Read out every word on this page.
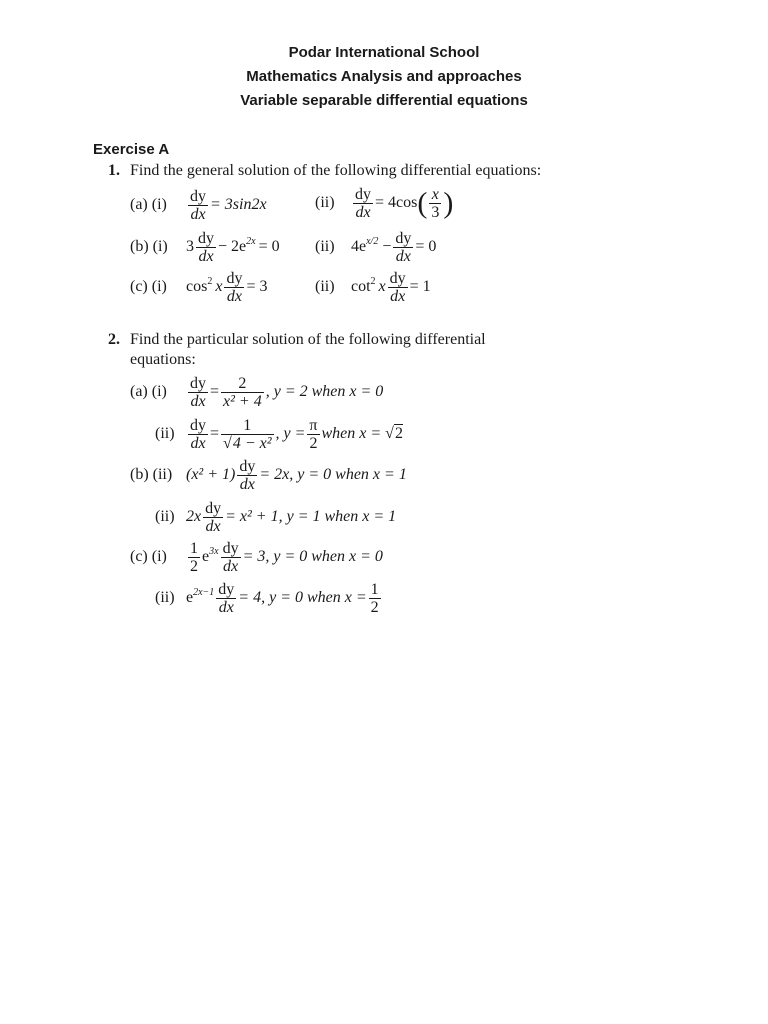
Podar International School
Mathematics Analysis and approaches
Variable separable differential equations
Exercise A
1. Find the general solution of the following differential equations:
(a) $(i) \frac{dy}{dx} = 3\sin 2x$	$(ii) \frac{dy}{dx} = 4\cos( \frac{x}{3}$ )
(b) (i) $3 \frac{dy}{dx} - 2e^{2x} = 0$ (ii) $4e^{x/2} - \frac{dy}{dx} = 0$
(c) (i) $\cos^2 x \frac{dy}{dx} = 3$	(ii) $\cot^2 x \frac{dy}{dx} = 1$
2. Find the particular solution of the following differential
equations:
(a) $(i) \frac{dy}{dx} = \frac{2}{\text{x² + 4}}$ , y = 2 when x = 0
$(ii) \frac{dy}{dx} = \frac{1}{\text{√4 − x²}}$ , $y = \frac{\pi}{2}$ when x = √2
(b) (ii) $(x^2 + 1) \frac{dy}{dx} = 2x$, y = 0 when x = 1
(ii) $2x \frac{dy}{dx} = x^2 + 1$, y = 1 when x = 1
(c) $(i) \frac{1}{2} e^{3x} \frac{dy}{dx} = 3$, y = 0 when x = 0
(ii) $e^{2x-1} \frac{dy}{dx} = 4$, y = 0 when $x = \frac{1}{2}$
